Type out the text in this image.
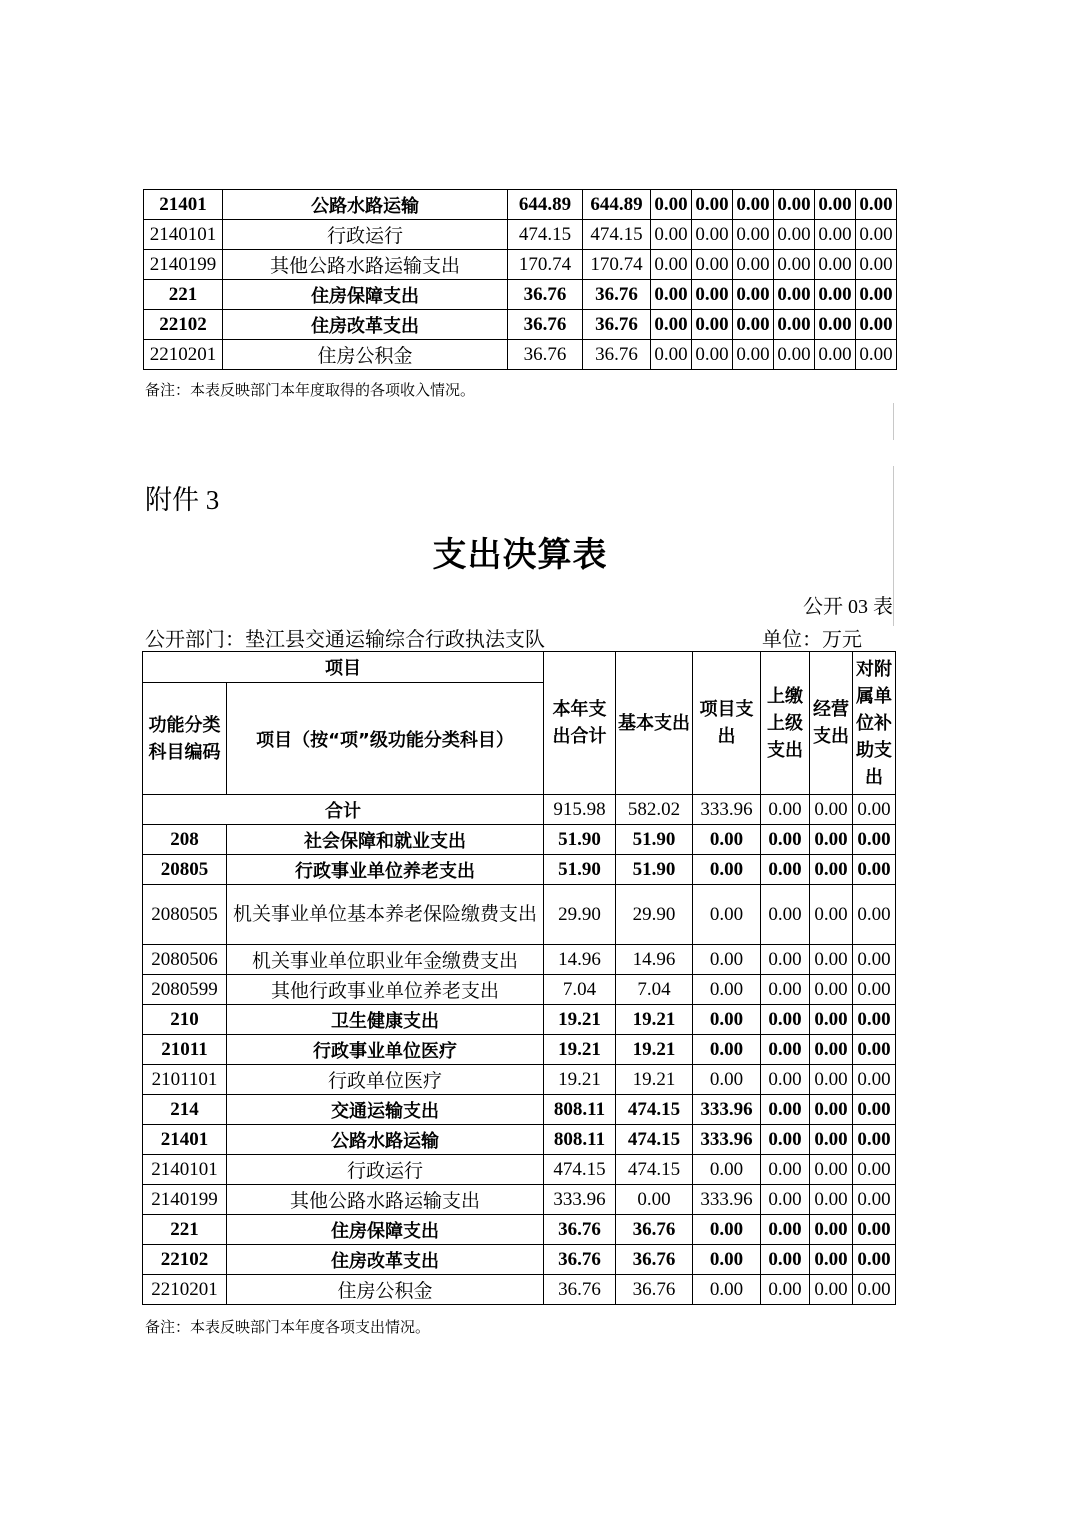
21401	公路水路运输	644.89	644.89	0.00	0.00	0.00	0.00	0.00	0.00
2140101	行政运行	474.15	474.15	0.00	0.00	0.00	0.00	0.00	0.00
2140199	其他公路水路运输支出	170.74	170.74	0.00	0.00	0.00	0.00	0.00	0.00
221	住房保障支出	36.76	36.76	0.00	0.00	0.00	0.00	0.00	0.00
22102	住房改革支出	36.76	36.76	0.00	0.00	0.00	0.00	0.00	0.00
2210201	住房公积金	36.76	36.76	0.00	0.00	0.00	0.00	0.00	0.00
备注：本表反映部门本年度取得的各项收入情况。
附件 3
支出决算表
公开 03 表
公开部门：垫江县交通运输综合行政执法支队	单位：万元
项目		本年支出合计	基本支出	项目支出	上缴上级支出	经营支出	对附属单位补助支出
功能分类科目编码	项目（按“项”级功能分类科目）						
合计		915.98	582.02	333.96	0.00	0.00	0.00
208	社会保障和就业支出	51.90	51.90	0.00	0.00	0.00	0.00
20805	行政事业单位养老支出	51.90	51.90	0.00	0.00	0.00	0.00
2080505	机关事业单位基本养老保险缴费支出	29.90	29.90	0.00	0.00	0.00	0.00
2080506	机关事业单位职业年金缴费支出	14.96	14.96	0.00	0.00	0.00	0.00
2080599	其他行政事业单位养老支出	7.04	7.04	0.00	0.00	0.00	0.00
210	卫生健康支出	19.21	19.21	0.00	0.00	0.00	0.00
21011	行政事业单位医疗	19.21	19.21	0.00	0.00	0.00	0.00
2101101	行政单位医疗	19.21	19.21	0.00	0.00	0.00	0.00
214	交通运输支出	808.11	474.15	333.96	0.00	0.00	0.00
21401	公路水路运输	808.11	474.15	333.96	0.00	0.00	0.00
2140101	行政运行	474.15	474.15	0.00	0.00	0.00	0.00
2140199	其他公路水路运输支出	333.96	0.00	333.96	0.00	0.00	0.00
221	住房保障支出	36.76	36.76	0.00	0.00	0.00	0.00
22102	住房改革支出	36.76	36.76	0.00	0.00	0.00	0.00
2210201	住房公积金	36.76	36.76	0.00	0.00	0.00	0.00
备注：本表反映部门本年度各项支出情况。
